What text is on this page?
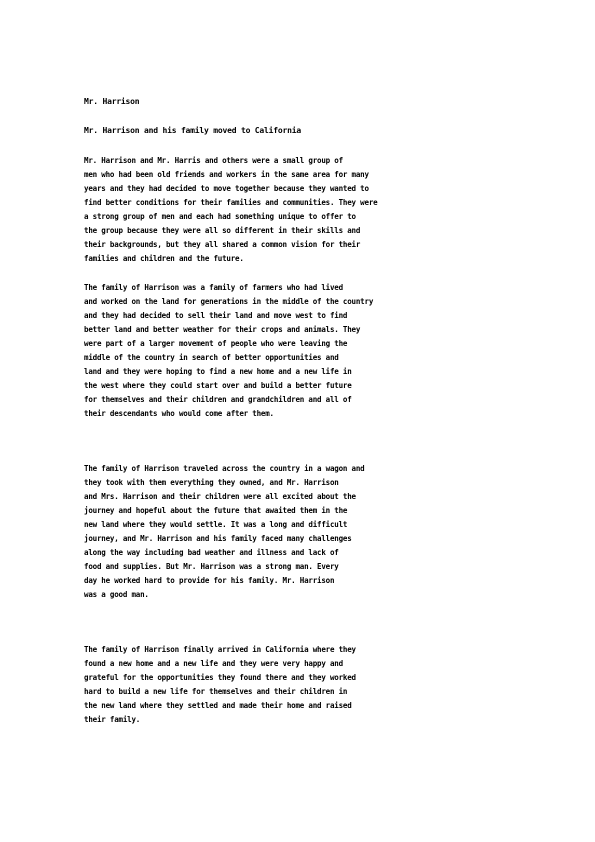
Mr. Harrison
Mr. Harrison and his family moved to California
Mr. Harrison and Mr. Harris and others were a small group of
men who had been old friends and workers in the same area for many
years and they had decided to move together because they wanted to
find better conditions for their families and communities. They were
a strong group of men and each had something unique to offer to
the group because they were all so different in their skills and
their backgrounds, but they all shared a common vision for their
families and children and the future.
The family of Harrison was a family of farmers who had lived
and worked on the land for generations in the middle of the country
and they had decided to sell their land and move west to find
better land and better weather for their crops and animals. They
were part of a larger movement of people who were leaving the
middle of the country in search of better opportunities and
land and they were hoping to find a new home and a new life in
the west where they could start over and build a better future
for themselves and their children and grandchildren and all of
their descendants who would come after them.
The family of Harrison traveled across the country in a wagon and
they took with them everything they owned, and Mr. Harrison
and Mrs. Harrison and their children were all excited about the
journey and hopeful about the future that awaited them in the
new land where they would settle. It was a long and difficult
journey, and Mr. Harrison and his family faced many challenges
along the way including bad weather and illness and lack of
food and supplies. But Mr. Harrison was a strong man. Every
day he worked hard to provide for his family. Mr. Harrison
was a good man.
The family of Harrison finally arrived in California where they
found a new home and a new life and they were very happy and
grateful for the opportunities they found there and they worked
hard to build a new life for themselves and their children in
the new land where they settled and made their home and raised
their family.
